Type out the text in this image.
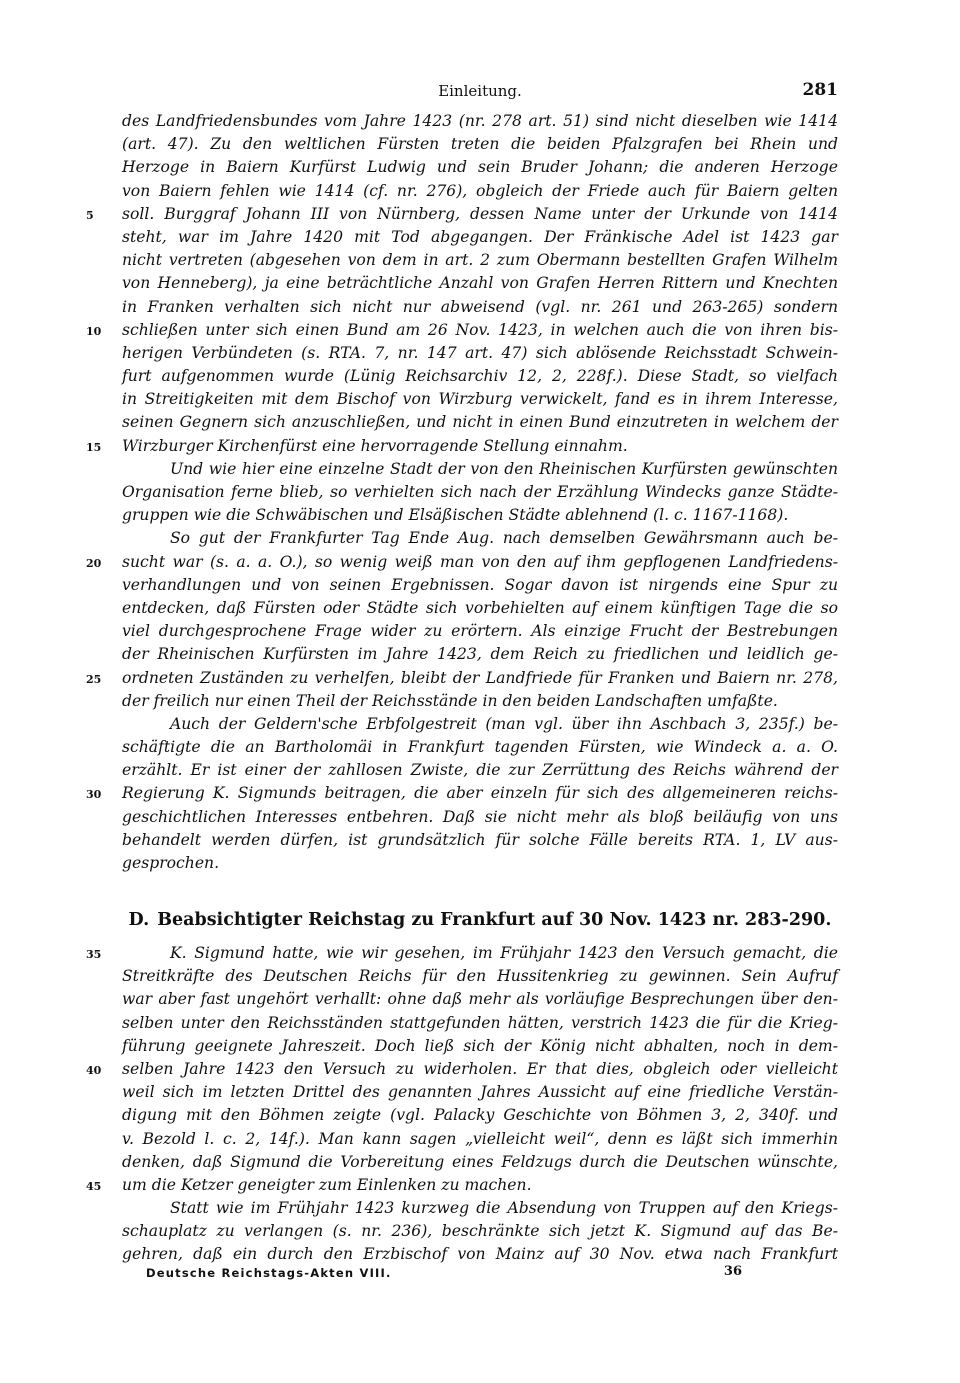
Einleitung.	281
des Landfriedensbundes vom Jahre 1423 (nr. 278 art. 51) sind nicht dieselben wie 1414
(art. 47). Zu den weltlichen Fürsten treten die beiden Pfalzgrafen bei Rhein und
Herzoge in Baiern Kurfürst Ludwig und sein Bruder Johann; die anderen Herzoge
von Baiern fehlen wie 1414 (cf. nr. 276), obgleich der Friede auch für Baiern gelten
soll. Burggraf Johann III von Nürnberg, dessen Name unter der Urkunde von 1414
5
steht, war im Jahre 1420 mit Tod abgegangen. Der Fränkische Adel ist 1423 gar
nicht vertreten (abgesehen von dem in art. 2 zum Obermann bestellten Grafen Wilhelm
von Henneberg), ja eine beträchtliche Anzahl von Grafen Herren Rittern und Knechten
in Franken verhalten sich nicht nur abweisend (vgl. nr. 261 und 263-265) sondern
schließen unter sich einen Bund am 26 Nov. 1423, in welchen auch die von ihren bis-
10
herigen Verbündeten (s. RTA. 7, nr. 147 art. 47) sich ablösende Reichsstadt Schwein-
furt aufgenommen wurde (Lünig Reichsarchiv 12, 2, 228f.). Diese Stadt, so vielfach
in Streitigkeiten mit dem Bischof von Wirzburg verwickelt, fand es in ihrem Interesse,
seinen Gegnern sich anzuschließen, und nicht in einen Bund einzutreten in welchem der
Wirzburger Kirchenfürst eine hervorragende Stellung einnahm.
15
Und wie hier eine einzelne Stadt der von den Rheinischen Kurfürsten gewünschten
Organisation ferne blieb, so verhielten sich nach der Erzählung Windecks ganze Städte-
gruppen wie die Schwäbischen und Elsäßischen Städte ablehnend (l. c. 1167-1168).
So gut der Frankfurter Tag Ende Aug. nach demselben Gewährsmann auch be-
sucht war (s. a. a. O.), so wenig weiß man von den auf ihm gepflogenen Landfriedens-
20
verhandlungen und von seinen Ergebnissen. Sogar davon ist nirgends eine Spur zu
entdecken, daß Fürsten oder Städte sich vorbehielten auf einem künftigen Tage die so
viel durchgesprochene Frage wider zu erörtern. Als einzige Frucht der Bestrebungen
der Rheinischen Kurfürsten im Jahre 1423, dem Reich zu friedlichen und leidlich ge-
ordneten Zuständen zu verhelfen, bleibt der Landfriede für Franken und Baiern nr. 278,
25
der freilich nur einen Theil der Reichsstände in den beiden Landschaften umfaßte.
Auch der Geldern'sche Erbfolgestreit (man vgl. über ihn Aschbach 3, 235f.) be-
schäftigte die an Bartholomäi in Frankfurt tagenden Fürsten, wie Windeck a. a. O.
erzählt. Er ist einer der zahllosen Zwiste, die zur Zerrüttung des Reichs während der
Regierung K. Sigmunds beitragen, die aber einzeln für sich des allgemeineren reichs-
30
geschichtlichen Interesses entbehren. Daß sie nicht mehr als bloß beiläufig von uns
behandelt werden dürfen, ist grundsätzlich für solche Fälle bereits RTA. 1, LV aus-
gesprochen.
D. Beabsichtigter Reichstag zu Frankfurt auf 30 Nov. 1423 nr. 283-290.
K. Sigmund hatte, wie wir gesehen, im Frühjahr 1423 den Versuch gemacht, die
35
Streitkräfte des Deutschen Reichs für den Hussitenkrieg zu gewinnen. Sein Aufruf
war aber fast ungehört verhallt: ohne daß mehr als vorläufige Besprechungen über den-
selben unter den Reichsständen stattgefunden hätten, verstrich 1423 die für die Krieg-
führung geeignete Jahreszeit. Doch ließ sich der König nicht abhalten, noch in dem-
selben Jahre 1423 den Versuch zu widerholen. Er that dies, obgleich oder vielleicht
40
weil sich im letzten Drittel des genannten Jahres Aussicht auf eine friedliche Verstän-
digung mit den Böhmen zeigte (vgl. Palacky Geschichte von Böhmen 3, 2, 340f. und
v. Bezold l. c. 2, 14f.). Man kann sagen „vielleicht weil“, denn es läßt sich immerhin
denken, daß Sigmund die Vorbereitung eines Feldzugs durch die Deutschen wünschte,
um die Ketzer geneigter zum Einlenken zu machen.
45
Statt wie im Frühjahr 1423 kurzweg die Absendung von Truppen auf den Kriegs-
schauplatz zu verlangen (s. nr. 236), beschränkte sich jetzt K. Sigmund auf das Be-
gehren, daß ein durch den Erzbischof von Mainz auf 30 Nov. etwa nach Frankfurt
Deutsche Reichstags-Akten VIII.	36
